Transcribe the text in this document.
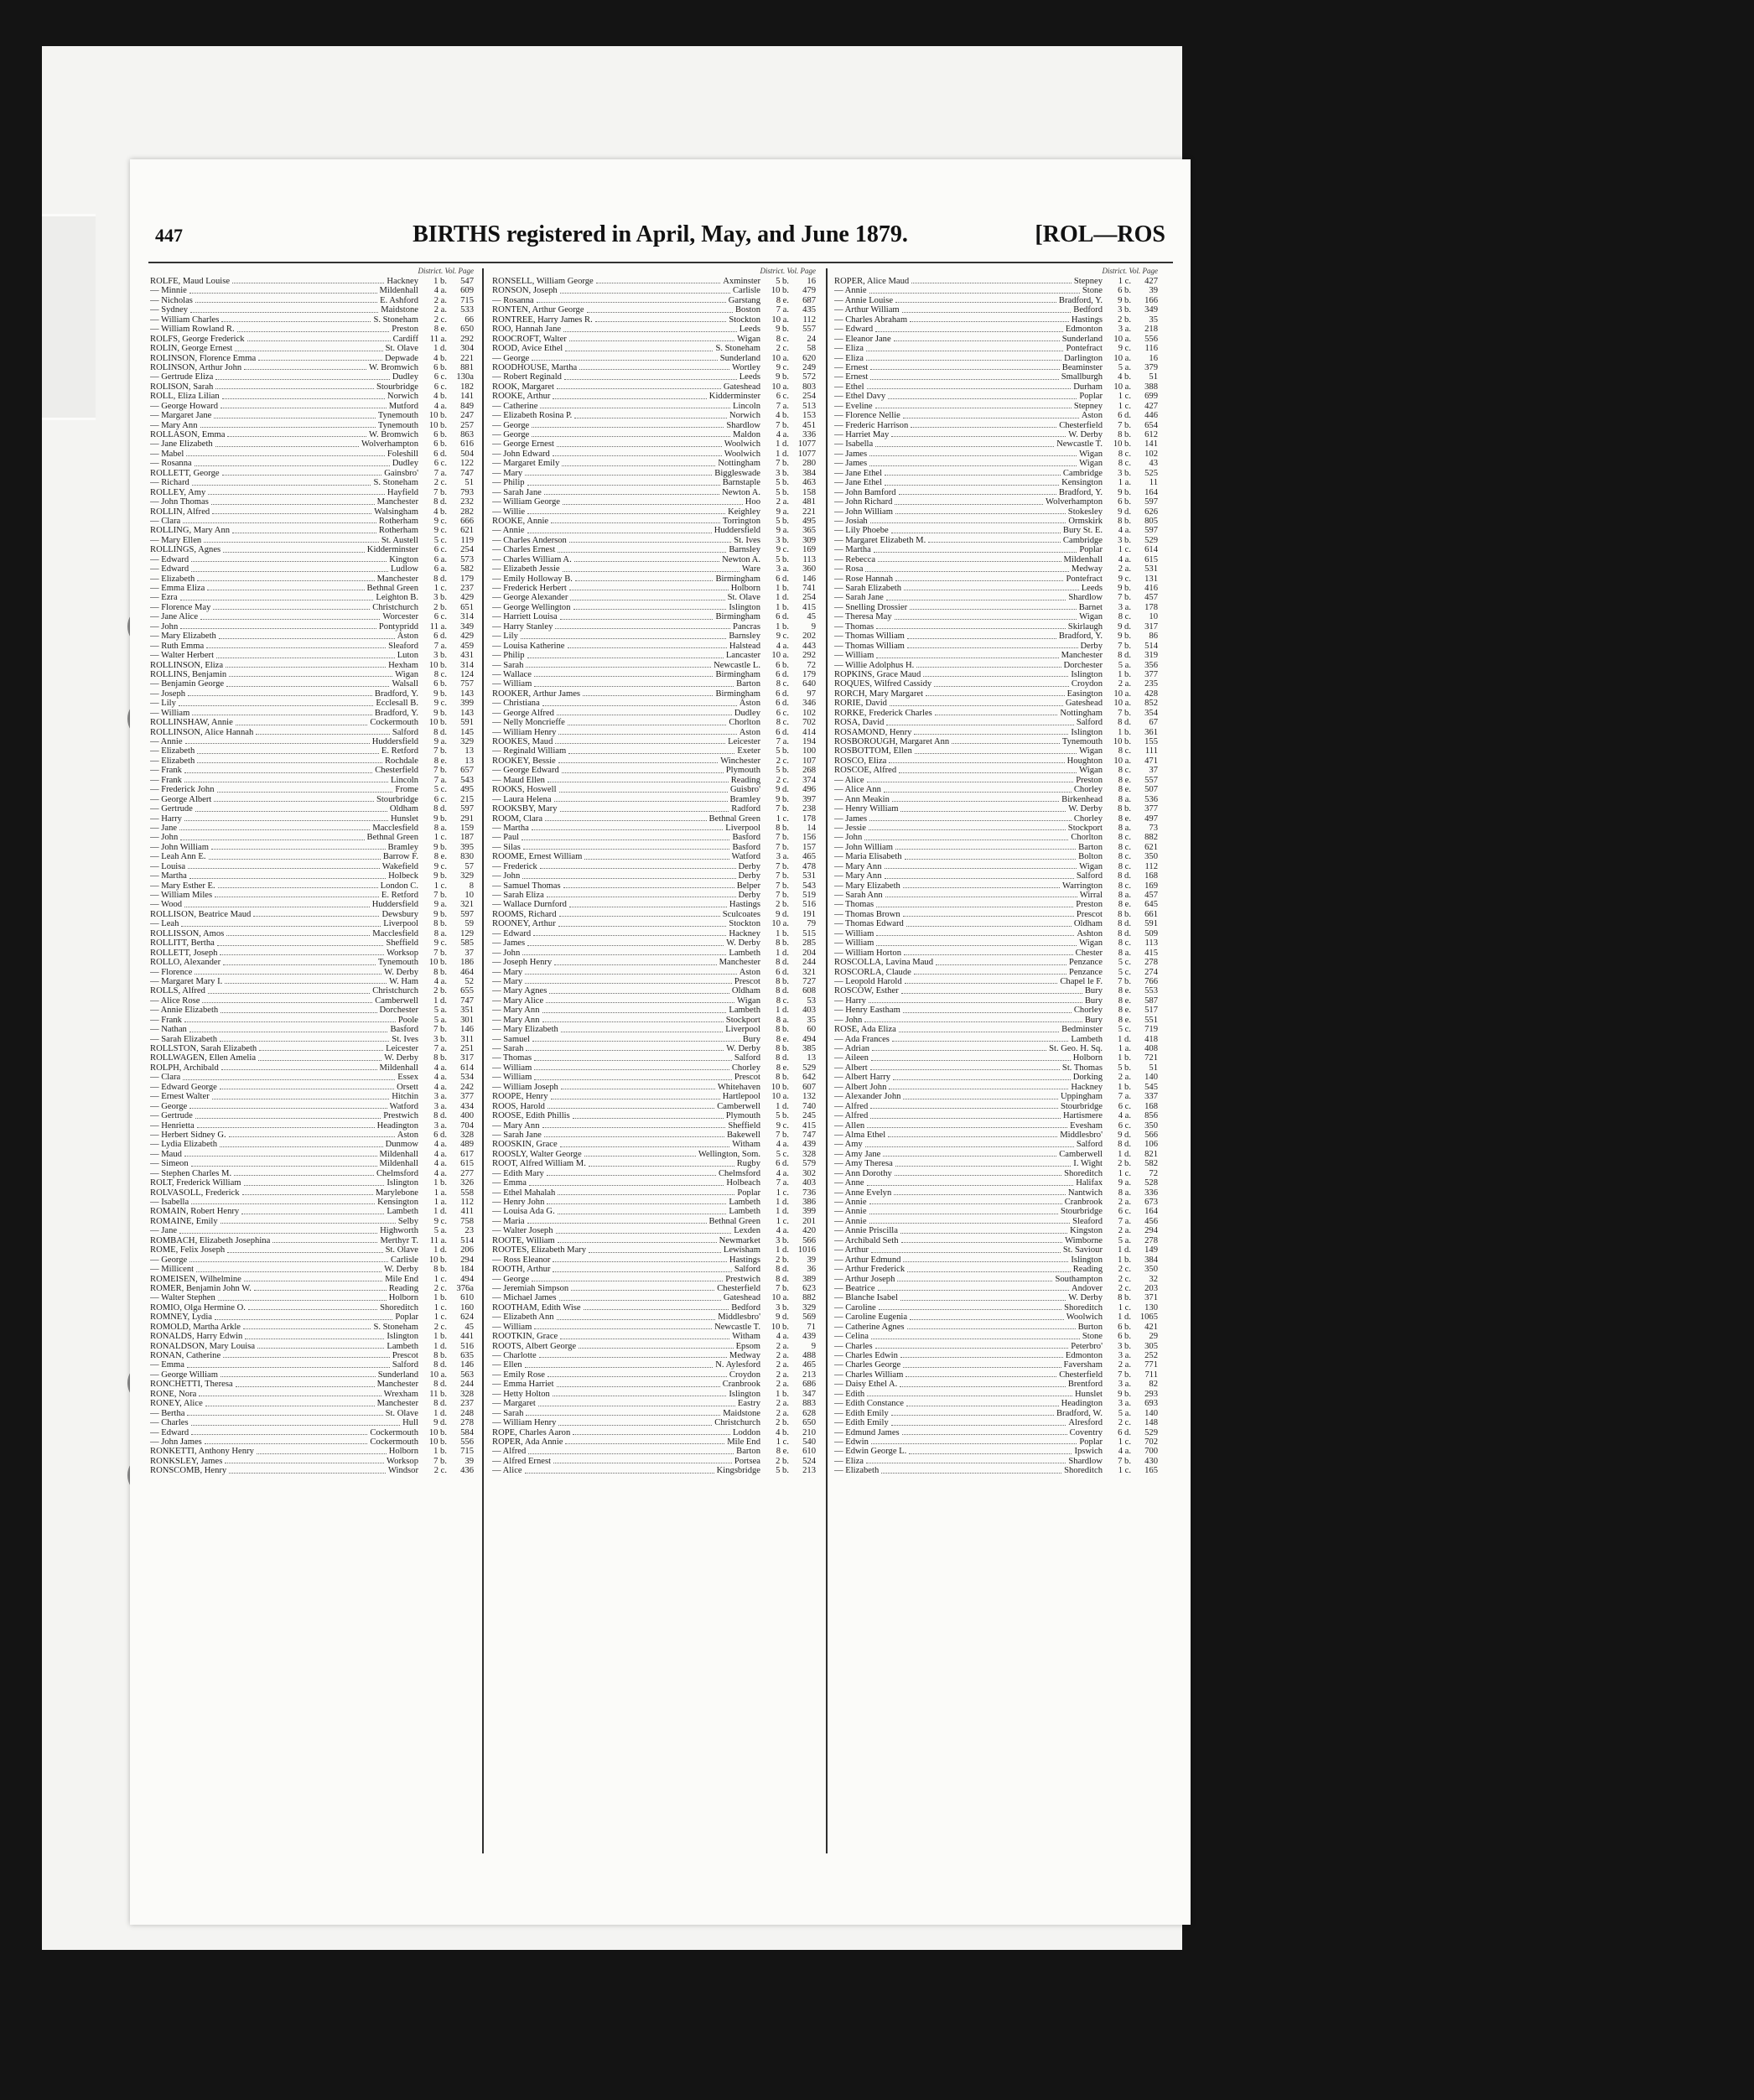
447	BIRTHS registered in April, May, and June 1879.	[ROL—ROS
District. Vol. Page
ROLFE, Maud Louise	Hackney	1 b.	547
— Minnie	Mildenhall	4 a.	609
— Nicholas	E. Ashford	2 a.	715
— Sydney	Maidstone	2 a.	533
— William Charles	S. Stoneham	2 c.	66
— William Rowland R.	Preston	8 e.	650
ROLFS, George Frederick	Cardiff	11 a.	292
ROLIN, George Ernest	St. Olave	1 d.	304
ROLINSON, Florence Emma	Depwade	4 b.	221
ROLINSON, Arthur John	W. Bromwich	6 b.	881
— Gertrude Eliza	Dudley	6 c.	130a
ROLISON, Sarah	Stourbridge	6 c.	182
ROLL, Eliza Lilian	Norwich	4 b.	141
— George Howard	Mutford	4 a.	849
— Margaret Jane	Tynemouth	10 b.	247
— Mary Ann	Tynemouth	10 b.	257
ROLLASON, Emma	W. Bromwich	6 b.	863
— Jane Elizabeth	Wolverhampton	6 b.	616
— Mabel	Foleshill	6 d.	504
— Rosanna	Dudley	6 c.	122
ROLLETT, George	Gainsbro'	7 a.	747
— Richard	S. Stoneham	2 c.	51
ROLLEY, Amy	Hayfield	7 b.	793
— John Thomas	Manchester	8 d.	232
ROLLIN, Alfred	Walsingham	4 b.	282
— Clara	Rotherham	9 c.	666
ROLLING, Mary Ann	Rotherham	9 c.	621
— Mary Ellen	St. Austell	5 c.	119
ROLLINGS, Agnes	Kidderminster	6 c.	254
— Edward	Kington	6 a.	573
— Edward	Ludlow	6 a.	582
— Elizabeth	Manchester	8 d.	179
— Emma Eliza	Bethnal Green	1 c.	237
— Ezra	Leighton B.	3 b.	429
— Florence May	Christchurch	2 b.	651
— Jane Alice	Worcester	6 c.	314
— John	Pontypridd	11 a.	349
— Mary Elizabeth	Aston	6 d.	429
— Ruth Emma	Sleaford	7 a.	459
— Walter Herbert	Luton	3 b.	431
ROLLINSON, Eliza	Hexham	10 b.	314
ROLLINS, Benjamin	Wigan	8 c.	124
— Benjamin George	Walsall	6 b.	757
— Joseph	Bradford, Y.	9 b.	143
— Lily	Ecclesall B.	9 c.	399
— William	Bradford, Y.	9 b.	143
ROLLINSHAW, Annie	Cockermouth	10 b.	591
ROLLINSON, Alice Hannah	Salford	8 d.	145
— Annie	Huddersfield	9 a.	329
— Elizabeth	E. Retford	7 b.	13
— Elizabeth	Rochdale	8 e.	13
— Frank	Chesterfield	7 b.	657
— Frank	Lincoln	7 a.	543
— Frederick John	Frome	5 c.	495
— George Albert	Stourbridge	6 c.	215
— Gertrude	Oldham	8 d.	597
— Harry	Hunslet	9 b.	291
— Jane	Macclesfield	8 a.	159
— John	Bethnal Green	1 c.	187
— John William	Bramley	9 b.	395
— Leah Ann E.	Barrow F.	8 e.	830
— Louisa	Wakefield	9 c.	57
— Martha	Holbeck	9 b.	329
— Mary Esther E.	London C.	1 c.	8
— William Miles	E. Retford	7 b.	10
— Wood	Huddersfield	9 a.	321
ROLLISON, Beatrice Maud	Dewsbury	9 b.	597
— Leah	Liverpool	8 b.	59
ROLLISSON, Amos	Macclesfield	8 a.	129
ROLLITT, Bertha	Sheffield	9 c.	585
ROLLETT, Joseph	Worksop	7 b.	37
ROLLO, Alexander	Tynemouth	10 b.	186
— Florence	W. Derby	8 b.	464
— Margaret Mary I.	W. Ham	4 a.	52
ROLLS, Alfred	Christchurch	2 b.	655
— Alice Rose	Camberwell	1 d.	747
— Annie Elizabeth	Dorchester	5 a.	351
— Frank	Poole	5 a.	301
— Nathan	Basford	7 b.	146
— Sarah Elizabeth	St. Ives	3 b.	311
ROLLSTON, Sarah Elizabeth	Leicester	7 a.	251
ROLLWAGEN, Ellen Amelia	W. Derby	8 b.	317
ROLPH, Archibald	Mildenhall	4 a.	614
— Clara	Essex	4 a.	534
— Edward George	Orsett	4 a.	242
— Ernest Walter	Hitchin	3 a.	377
— George	Watford	3 a.	434
— Gertrude	Prestwich	8 d.	400
— Henrietta	Headington	3 a.	704
— Herbert Sidney G.	Aston	6 d.	328
— Lydia Elizabeth	Dunmow	4 a.	489
— Maud	Mildenhall	4 a.	617
— Simeon	Mildenhall	4 a.	615
— Stephen Charles M.	Chelmsford	4 a.	277
ROLT, Frederick William	Islington	1 b.	326
ROLVASOLL, Frederick	Marylebone	1 a.	558
— Isabella	Kensington	1 a.	112
ROMAIN, Robert Henry	Lambeth	1 d.	411
ROMAINE, Emily	Selby	9 c.	758
— Jane	Highworth	5 a.	23
ROMBACH, Elizabeth Josephina	Merthyr T.	11 a.	514
ROME, Felix Joseph	St. Olave	1 d.	206
— George	Carlisle	10 b.	294
— Millicent	W. Derby	8 b.	184
ROMEISEN, Wilhelmine	Mile End	1 c.	494
ROMER, Benjamin John W.	Reading	2 c.	376a
— Walter Stephen	Holborn	1 b.	610
ROMIO, Olga Hermine O.	Shoreditch	1 c.	160
ROMNEY, Lydia	Poplar	1 c.	624
ROMOLD, Martha Arkle	S. Stoneham	2 c.	45
RONALDS, Harry Edwin	Islington	1 b.	441
RONALDSON, Mary Louisa	Lambeth	1 d.	516
RONAN, Catherine	Prescot	8 b.	635
— Emma	Salford	8 d.	146
— George William	Sunderland	10 a.	563
RONCHETTI, Theresa	Manchester	8 d.	244
RONE, Nora	Wrexham	11 b.	328
RONEY, Alice	Manchester	8 d.	237
— Bertha	St. Olave	1 d.	248
— Charles	Hull	9 d.	278
— Edward	Cockermouth	10 b.	584
— John James	Cockermouth	10 b.	556
RONKETTI, Anthony Henry	Holborn	1 b.	715
RONKSLEY, James	Worksop	7 b.	39
RONSCOMB, Henry	Windsor	2 c.	436
District. Vol. Page
RONSELL, William George	Axminster	5 b.	16
RONSON, Joseph	Carlisle	10 b.	479
— Rosanna	Garstang	8 e.	687
RONTEN, Arthur George	Boston	7 a.	435
RONTREE, Harry James R.	Stockton	10 a.	112
ROO, Hannah Jane	Leeds	9 b.	557
ROOCROFT, Walter	Wigan	8 c.	24
ROOD, Avice Ethel	S. Stoneham	2 c.	58
— George	Sunderland	10 a.	620
ROODHOUSE, Martha	Wortley	9 c.	249
— Robert Reginald	Leeds	9 b.	572
ROOK, Margaret	Gateshead	10 a.	803
ROOKE, Arthur	Kidderminster	6 c.	254
— Catherine	Lincoln	7 a.	513
— Elizabeth Rosina P.	Norwich	4 b.	153
— George	Shardlow	7 b.	451
— George	Maldon	4 a.	336
— George Ernest	Woolwich	1 d.	1077
— John Edward	Woolwich	1 d.	1077
— Margaret Emily	Nottingham	7 b.	280
— Mary	Biggleswade	3 b.	384
— Philip	Barnstaple	5 b.	463
— Sarah Jane	Newton A.	5 b.	158
— William George	Hoo	2 a.	481
— Willie	Keighley	9 a.	221
ROOKE, Annie	Torrington	5 b.	495
— Annie	Huddersfield	9 a.	365
— Charles Anderson	St. Ives	3 b.	309
— Charles Ernest	Barnsley	9 c.	169
— Charles William A.	Newton A.	5 b.	113
— Elizabeth Jessie	Ware	3 a.	360
— Emily Holloway B.	Birmingham	6 d.	146
— Frederick Herbert	Holborn	1 b.	741
— George Alexander	St. Olave	1 d.	254
— George Wellington	Islington	1 b.	415
— Harriett Louisa	Birmingham	6 d.	45
— Harry Stanley	Pancras	1 b.	9
— Lily	Barnsley	9 c.	202
— Louisa Katherine	Halstead	4 a.	443
— Philip	Lancaster	10 a.	292
— Sarah	Newcastle L.	6 b.	72
— Wallace	Birmingham	6 d.	179
— William	Barton	8 c.	640
ROOKER, Arthur James	Birmingham	6 d.	97
— Christiana	Aston	6 d.	346
— George Alfred	Dudley	6 c.	102
— Nelly Moncrieffe	Chorlton	8 c.	702
— William Henry	Aston	6 d.	414
ROOKES, Maud	Leicester	7 a.	194
— Reginald William	Exeter	5 b.	100
ROOKEY, Bessie	Winchester	2 c.	107
— George Edward	Plymouth	5 b.	268
— Maud Ellen	Reading	2 c.	374
ROOKS, Hoswell	Guisbro'	9 d.	496
— Laura Helena	Bramley	9 b.	397
ROOKSBY, Mary	Radford	7 b.	238
ROOM, Clara	Bethnal Green	1 c.	178
— Martha	Liverpool	8 b.	14
— Paul	Basford	7 b.	156
— Silas	Basford	7 b.	157
ROOME, Ernest William	Watford	3 a.	465
— Frederick	Derby	7 b.	478
— John	Derby	7 b.	531
— Samuel Thomas	Belper	7 b.	543
— Sarah Eliza	Derby	7 b.	519
— Wallace Durnford	Hastings	2 b.	516
ROOMS, Richard	Sculcoates	9 d.	191
ROONEY, Arthur	Stockton	10 a.	79
— Edward	Hackney	1 b.	515
— James	W. Derby	8 b.	285
— John	Lambeth	1 d.	204
— Joseph Henry	Manchester	8 d.	244
— Mary	Aston	6 d.	321
— Mary	Prescot	8 b.	727
— Mary Agnes	Oldham	8 d.	608
— Mary Alice	Wigan	8 c.	53
— Mary Ann	Lambeth	1 d.	403
— Mary Ann	Stockport	8 a.	35
— Mary Elizabeth	Liverpool	8 b.	60
— Samuel	Bury	8 e.	494
— Sarah	W. Derby	8 b.	385
— Thomas	Salford	8 d.	13
— William	Chorley	8 e.	529
— William	Prescot	8 b.	642
— William Joseph	Whitehaven	10 b.	607
ROOPE, Henry	Hartlepool	10 a.	132
ROOS, Harold	Camberwell	1 d.	740
ROOSE, Edith Phillis	Plymouth	5 b.	245
— Mary Ann	Sheffield	9 c.	415
— Sarah Jane	Bakewell	7 b.	747
ROOSKIN, Grace	Witham	4 a.	439
ROOSLY, Walter George	Wellington, Som.	5 c.	328
ROOT, Alfred William M.	Rugby	6 d.	579
— Edith Mary	Chelmsford	4 a.	302
— Emma	Holbeach	7 a.	403
— Ethel Mahalah	Poplar	1 c.	736
— Henry John	Lambeth	1 d.	386
— Louisa Ada G.	Lambeth	1 d.	399
— Maria	Bethnal Green	1 c.	201
— Walter Joseph	Lexden	4 a.	420
ROOTE, William	Newmarket	3 b.	566
ROOTES, Elizabeth Mary	Lewisham	1 d.	1016
— Ross Eleanor	Hastings	2 b.	39
ROOTH, Arthur	Salford	8 d.	36
— George	Prestwich	8 d.	389
— Jeremiah Simpson	Chesterfield	7 b.	623
— Michael James	Gateshead	10 a.	882
ROOTHAM, Edith Wise	Bedford	3 b.	329
— Elizabeth Ann	Middlesbro'	9 d.	569
— William	Newcastle T.	10 b.	71
ROOTKIN, Grace	Witham	4 a.	439
ROOTS, Albert George	Epsom	2 a.	9
— Charlotte	Medway	2 a.	488
— Ellen	N. Aylesford	2 a.	465
— Emily Rose	Croydon	2 a.	213
— Emma Harriet	Cranbrook	2 a.	686
— Hetty Holton	Islington	1 b.	347
— Margaret	Eastry	2 a.	883
— Sarah	Maidstone	2 a.	628
— William Henry	Christchurch	2 b.	650
ROPE, Charles Aaron	Loddon	4 b.	210
ROPER, Ada Annie	Mile End	1 c.	540
— Alfred	Barton	8 e.	610
— Alfred Ernest	Portsea	2 b.	524
— Alice	Kingsbridge	5 b.	213
District. Vol. Page
ROPER, Alice Maud	Stepney	1 c.	427
— Annie	Stone	6 b.	39
— Annie Louise	Bradford, Y.	9 b.	166
— Arthur William	Bedford	3 b.	349
— Charles Abraham	Hastings	2 b.	35
— Edward	Edmonton	3 a.	218
— Eleanor Jane	Sunderland	10 a.	556
— Eliza	Pontefract	9 c.	116
— Eliza	Darlington	10 a.	16
— Ernest	Beaminster	5 a.	379
— Ernest	Smallburgh	4 b.	51
— Ethel	Durham	10 a.	388
— Ethel Davy	Poplar	1 c.	699
— Eveline	Stepney	1 c.	427
— Florence Nellie	Aston	6 d.	446
— Frederic Harrison	Chesterfield	7 b.	654
— Harriet May	W. Derby	8 b.	612
— Isabella	Newcastle T.	10 b.	141
— James	Wigan	8 c.	102
— James	Wigan	8 c.	43
— Jane Ethel	Cambridge	3 b.	525
— Jane Ethel	Kensington	1 a.	11
— John Bamford	Bradford, Y.	9 b.	164
— John Richard	Wolverhampton	6 b.	597
— John William	Stokesley	9 d.	626
— Josiah	Ormskirk	8 b.	805
— Lily Phoebe	Bury St. E.	4 a.	597
— Margaret Elizabeth M.	Cambridge	3 b.	529
— Martha	Poplar	1 c.	614
— Rebecca	Mildenhall	4 a.	615
— Rosa	Medway	2 a.	531
— Rose Hannah	Pontefract	9 c.	131
— Sarah Elizabeth	Leeds	9 b.	416
— Sarah Jane	Shardlow	7 b.	457
— Snelling Drossier	Barnet	3 a.	178
— Theresa May	Wigan	8 c.	10
— Thomas	Skirlaugh	9 d.	317
— Thomas William	Bradford, Y.	9 b.	86
— Thomas William	Derby	7 b.	514
— William	Manchester	8 d.	319
— Willie Adolphus H.	Dorchester	5 a.	356
ROPKINS, Grace Maud	Islington	1 b.	377
ROQUES, Wilfred Cassidy	Croydon	2 a.	235
RORCH, Mary Margaret	Easington	10 a.	428
RORIE, David	Gateshead	10 a.	852
RORKE, Frederick Charles	Nottingham	7 b.	354
ROSA, David	Salford	8 d.	67
ROSAMOND, Henry	Islington	1 b.	361
ROSBOROUGH, Margaret Ann	Tynemouth	10 b.	155
ROSBOTTOM, Ellen	Wigan	8 c.	111
ROSCO, Eliza	Houghton	10 a.	471
ROSCOE, Alfred	Wigan	8 c.	37
— Alice	Preston	8 e.	557
— Alice Ann	Chorley	8 e.	507
— Ann Meakin	Birkenhead	8 a.	536
— Henry William	W. Derby	8 b.	377
— James	Chorley	8 e.	497
— Jessie	Stockport	8 a.	73
— John	Chorlton	8 c.	882
— John William	Barton	8 c.	621
— Maria Elisabeth	Bolton	8 c.	350
— Mary Ann	Wigan	8 c.	112
— Mary Ann	Salford	8 d.	168
— Mary Elizabeth	Warrington	8 c.	169
— Sarah Ann	Wirral	8 a.	457
— Thomas	Preston	8 e.	645
— Thomas Brown	Prescot	8 b.	661
— Thomas Edward	Oldham	8 d.	591
— William	Ashton	8 d.	509
— William	Wigan	8 c.	113
— William Horton	Chester	8 a.	415
ROSCOLLA, Lavina Maud	Penzance	5 c.	278
ROSCORLA, Claude	Penzance	5 c.	274
— Leopold Harold	Chapel le F.	7 b.	766
ROSCOW, Esther	Bury	8 e.	553
— Harry	Bury	8 e.	587
— Henry Eastham	Chorley	8 e.	517
— John	Bury	8 e.	551
ROSE, Ada Eliza	Bedminster	5 c.	719
— Ada Frances	Lambeth	1 d.	418
— Adrian	St. Geo. H. Sq.	1 a.	408
— Aileen	Holborn	1 b.	721
— Albert	St. Thomas	5 b.	51
— Albert Harry	Dorking	2 a.	140
— Albert John	Hackney	1 b.	545
— Alexander John	Uppingham	7 a.	337
— Alfred	Stourbridge	6 c.	168
— Alfred	Hartismere	4 a.	856
— Allen	Evesham	6 c.	350
— Alma Ethel	Middlesbro'	9 d.	566
— Amy	Salford	8 d.	106
— Amy Jane	Camberwell	1 d.	821
— Amy Theresa	I. Wight	2 b.	582
— Ann Dorothy	Shoreditch	1 c.	72
— Anne	Halifax	9 a.	528
— Anne Evelyn	Nantwich	8 a.	336
— Annie	Cranbrook	2 a.	673
— Annie	Stourbridge	6 c.	164
— Annie	Sleaford	7 a.	456
— Annie Priscilla	Kingston	2 a.	294
— Archibald Seth	Wimborne	5 a.	278
— Arthur	St. Saviour	1 d.	149
— Arthur Edmund	Islington	1 b.	384
— Arthur Frederick	Reading	2 c.	350
— Arthur Joseph	Southampton	2 c.	32
— Beatrice	Andover	2 c.	203
— Blanche Isabel	W. Derby	8 b.	371
— Caroline	Shoreditch	1 c.	130
— Caroline Eugenia	Woolwich	1 d.	1065
— Catherine Agnes	Burton	6 b.	421
— Celina	Stone	6 b.	29
— Charles	Peterbro'	3 b.	305
— Charles Edwin	Edmonton	3 a.	252
— Charles George	Faversham	2 a.	771
— Charles William	Chesterfield	7 b.	711
— Daisy Ethel A.	Brentford	3 a.	82
— Edith	Hunslet	9 b.	293
— Edith Constance	Headington	3 a.	693
— Edith Emily	Bradford, W.	5 a.	140
— Edith Emily	Alresford	2 c.	148
— Edmund James	Coventry	6 d.	529
— Edwin	Poplar	1 c.	702
— Edwin George L.	Ipswich	4 a.	700
— Eliza	Shardlow	7 b.	430
— Elizabeth	Shoreditch	1 c.	165
